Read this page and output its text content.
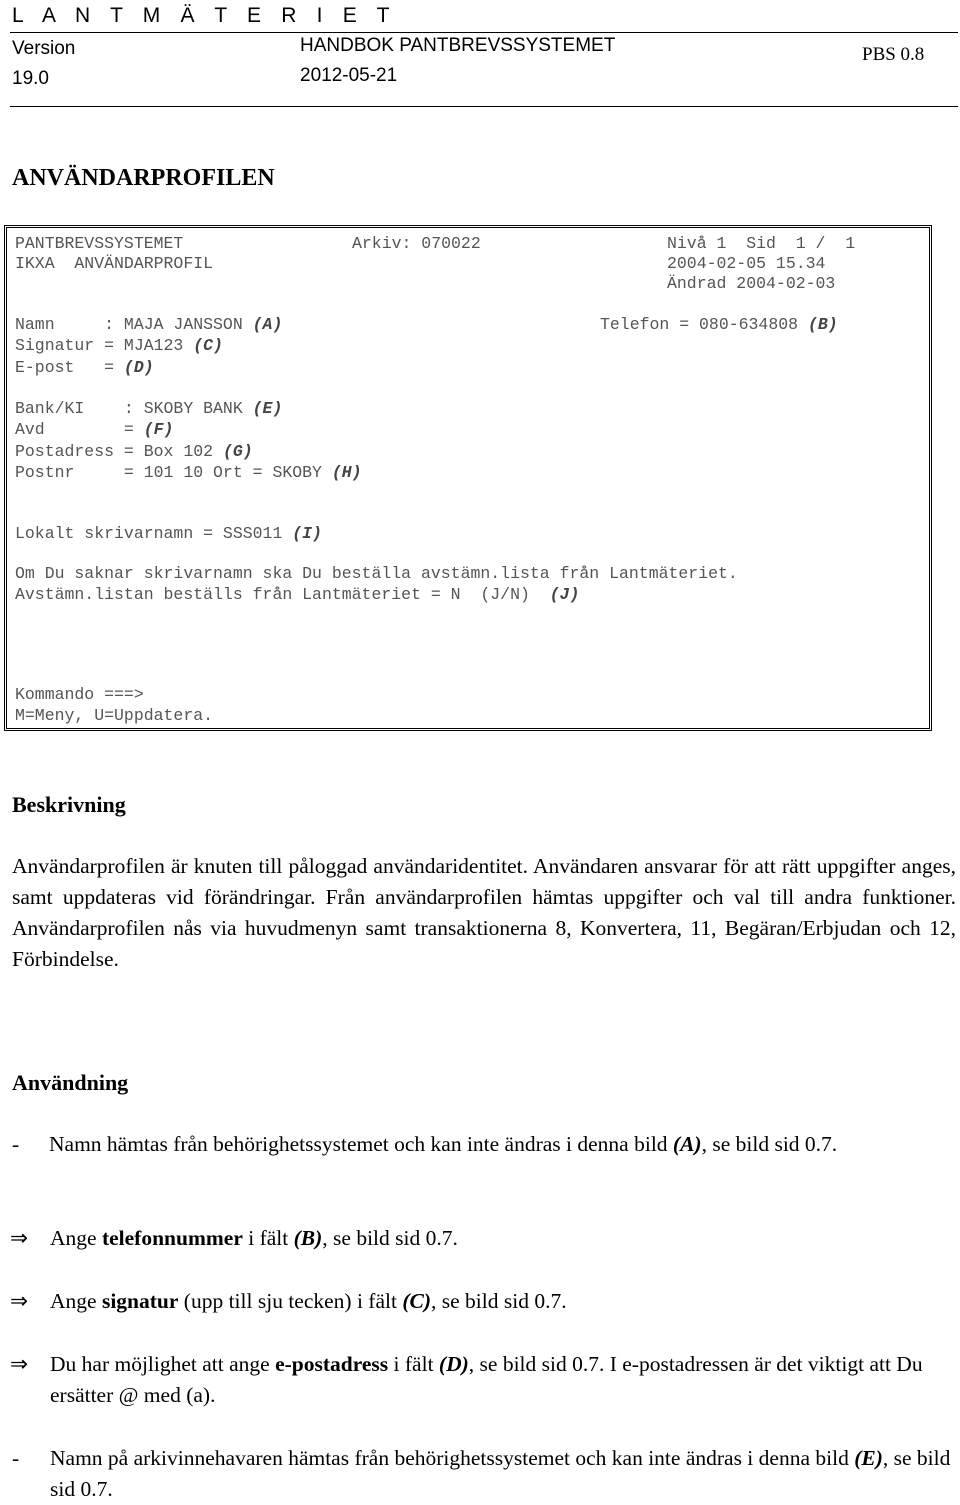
L A N T M Ä T E R I E T
Version
19.0
HANDBOK PANTBREVSSYSTEMET
2012-05-21
PBS 0.8
ANVÄNDARPROFILEN
PANTBREVSSYSTEMET	Arkiv: 070022	Nivå 1  Sid  1 /  1
IKXA  ANVÄNDARPROFIL	2004-02-05 15.34
Ändrad 2004-02-03
Namn     : MAJA JANSSON (A)	Telefon = 080-634808 (B)
Signatur = MJA123 (C)
E-post   = (D)
Bank/KI    : SKOBY BANK (E)
Avd        = (F)
Postadress = Box 102 (G)
Postnr     = 101 10 Ort = SKOBY (H)
Lokalt skrivarnamn = SSS011 (I)
Om Du saknar skrivarnamn ska Du beställa avstämn.lista från Lantmäteriet.
Avstämn.listan beställs från Lantmäteriet = N  (J/N)  (J)
Kommando ===>
M=Meny, U=Uppdatera.
Beskrivning
Användarprofilen är knuten till påloggad användaridentitet. Användaren ansvarar för att rätt uppgifter anges, samt uppdateras vid förändringar. Från användarprofilen hämtas uppgifter och val till andra funktioner. Användarprofilen nås via huvudmenyn samt transaktionerna 8, Konvertera, 11, Begäran/Erbjudan och 12, Förbindelse.
Användning
-	Namn hämtas från behörighetssystemet och kan inte ändras i denna bild (A), se bild sid 0.7.
⇒ Ange telefonnummer i fält (B), se bild sid 0.7.
⇒ Ange signatur (upp till sju tecken) i fält (C), se bild sid 0.7.
⇒ Du har möjlighet att ange e-postadress i fält (D), se bild sid 0.7. I e-postadressen är det viktigt att Du ersätter @ med (a).
- Namn på arkivinnehavaren hämtas från behörighetssystemet och kan inte ändras i denna bild (E), se bild sid 0.7.
